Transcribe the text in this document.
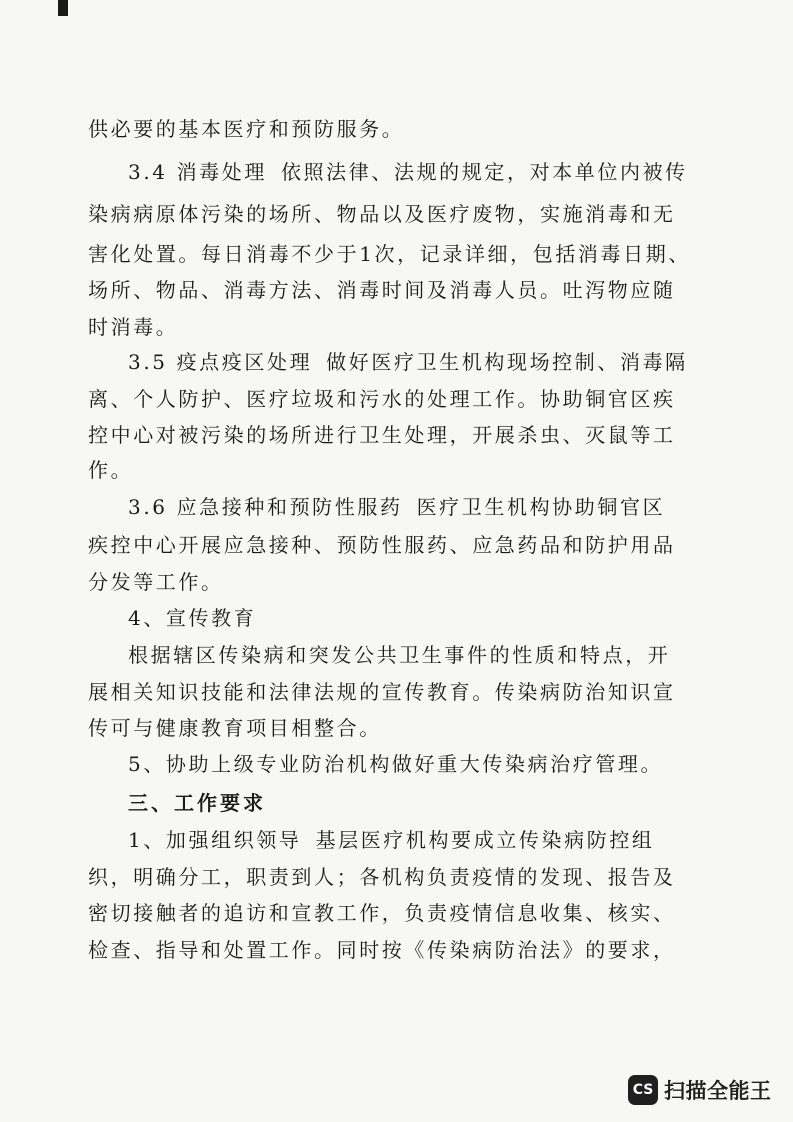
供必要的基本医疗和预防服务。
3.4 消毒处理 依照法律、法规的规定，对本单位内被传
染病病原体污染的场所、物品以及医疗废物，实施消毒和无
害化处置。每日消毒不少于1次，记录详细，包括消毒日期、
场所、物品、消毒方法、消毒时间及消毒人员。吐泻物应随
时消毒。
3.5 疫点疫区处理 做好医疗卫生机构现场控制、消毒隔
离、个人防护、医疗垃圾和污水的处理工作。协助铜官区疾
控中心对被污染的场所进行卫生处理，开展杀虫、灭鼠等工
作。
3.6 应急接种和预防性服药 医疗卫生机构协助铜官区
疾控中心开展应急接种、预防性服药、应急药品和防护用品
分发等工作。
4、宣传教育
根据辖区传染病和突发公共卫生事件的性质和特点，开
展相关知识技能和法律法规的宣传教育。传染病防治知识宣
传可与健康教育项目相整合。
5、协助上级专业防治机构做好重大传染病治疗管理。
三、工作要求
1、加强组织领导 基层医疗机构要成立传染病防控组
织，明确分工，职责到人；各机构负责疫情的发现、报告及
密切接触者的追访和宣教工作，负责疫情信息收集、核实、
检查、指导和处置工作。同时按《传染病防治法》的要求，
CS 扫描全能王
